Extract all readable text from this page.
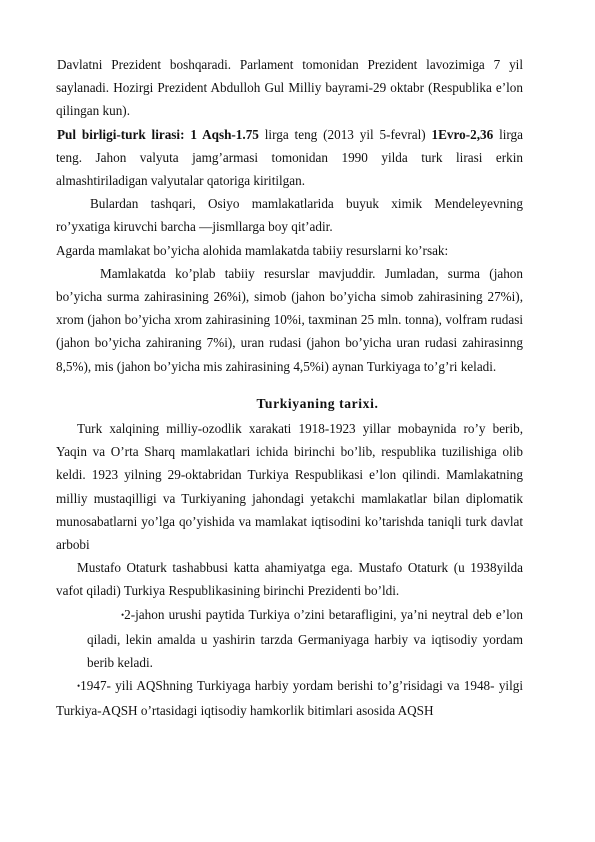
Davlatni Prezident boshqaradi. Parlament tomonidan Prezident lavozimiga 7 yil saylanadi. Hozirgi Prezident Abdulloh Gul Milliy bayrami-29 oktabr (Respublika e’lon qilingan kun).

Pul birligi-turk lirasi: 1 Aqsh-1.75 lirga teng (2013 yil 5-fevral) 1Evro-2,36 lirga teng. Jahon valyuta jamg’armasi tomonidan 1990 yilda turk lirasi erkin almashtiriladigan valyutalar qatoriga kiritilgan.

Bulardan tashqari, Osiyo mamlakatlarida buyuk ximik Mendeleyevning ro’yxatiga kiruvchi barcha —jismllarga boy qit’adir.

Agarda mamlakat bo’yicha alohida mamlakatda tabiiy resurslarni ko’rsak:

Mamlakatda ko’plab tabiiy resurslar mavjuddir. Jumladan, surma (jahon bo’yicha surma zahirasining 26%i), simob (jahon bo’yicha simob zahirasining 27%i), xrom (jahon bo’yicha xrom zahirasining 10%i, taxminan 25 mln. tonna), volfram rudasi (jahon bo’yicha zahiraning 7%i), uran rudasi (jahon bo’yicha uran rudasi zahirasinng 8,5%), mis (jahon bo’yicha mis zahirasining 4,5%i) aynan Turkiyaga to’g’ri keladi.

Turkiyaning tarixi.

Turk xalqining milliy-ozodlik xarakati 1918-1923 yillar mobaynida ro’y berib, Yaqin va O’rta Sharq mamlakatlari ichida birinchi bo’lib, respublika tuzilishiga olib keldi. 1923 yilning 29-oktabridan Turkiya Respublikasi e’lon qilindi. Mamlakatning milliy mustaqilligi va Turkiyaning jahondagi yetakchi mamlakatlar bilan diplomatik munosabatlarni yo’lga qo’yishida va mamlakat iqtisodini ko’tarishda taniqli turk davlat arbobi

Mustafo Otaturk tashabbusi katta ahamiyatga ega. Mustafo Otaturk (u 1938yilda vafot qiladi) Turkiya Respublikasining birinchi Prezidenti bo’ldi.

•2-jahon urushi paytida Turkiya o’zini betarafligini, ya’ni neytral deb e’lon qiladi, lekin amalda u yashirin tarzda Germaniyaga harbiy va iqtisodiy yordam berib keladi.

•1947- yili AQShning Turkiyaga harbiy yordam berishi to’g’risidagi va 1948- yilgi Turkiya-AQSH o’rtasidagi iqtisodiy hamkorlik bitimlari asosida AQSH
